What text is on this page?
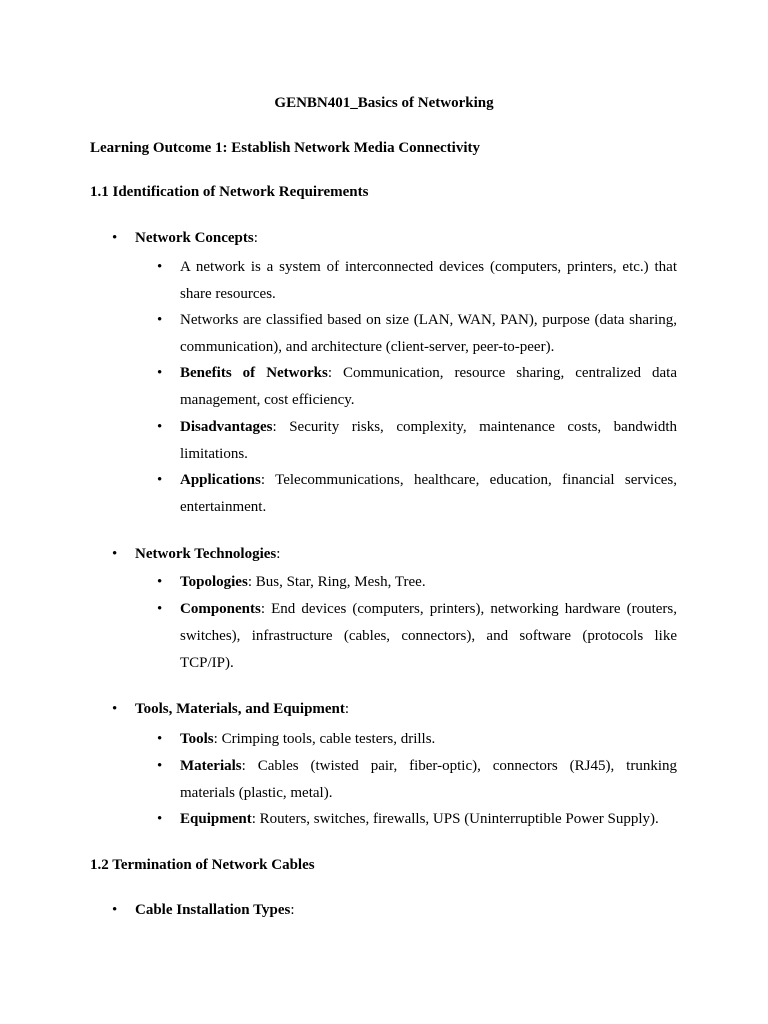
GENBN401_Basics of Networking
Learning Outcome 1: Establish Network Media Connectivity
1.1 Identification of Network Requirements
• Network Concepts:
• A network is a system of interconnected devices (computers, printers, etc.) that share resources.
• Networks are classified based on size (LAN, WAN, PAN), purpose (data sharing, communication), and architecture (client-server, peer-to-peer).
• Benefits of Networks: Communication, resource sharing, centralized data management, cost efficiency.
• Disadvantages: Security risks, complexity, maintenance costs, bandwidth limitations.
• Applications: Telecommunications, healthcare, education, financial services, entertainment.
• Network Technologies:
• Topologies: Bus, Star, Ring, Mesh, Tree.
• Components: End devices (computers, printers), networking hardware (routers, switches), infrastructure (cables, connectors), and software (protocols like TCP/IP).
• Tools, Materials, and Equipment:
• Tools: Crimping tools, cable testers, drills.
• Materials: Cables (twisted pair, fiber-optic), connectors (RJ45), trunking materials (plastic, metal).
• Equipment: Routers, switches, firewalls, UPS (Uninterruptible Power Supply).
1.2 Termination of Network Cables
• Cable Installation Types:
